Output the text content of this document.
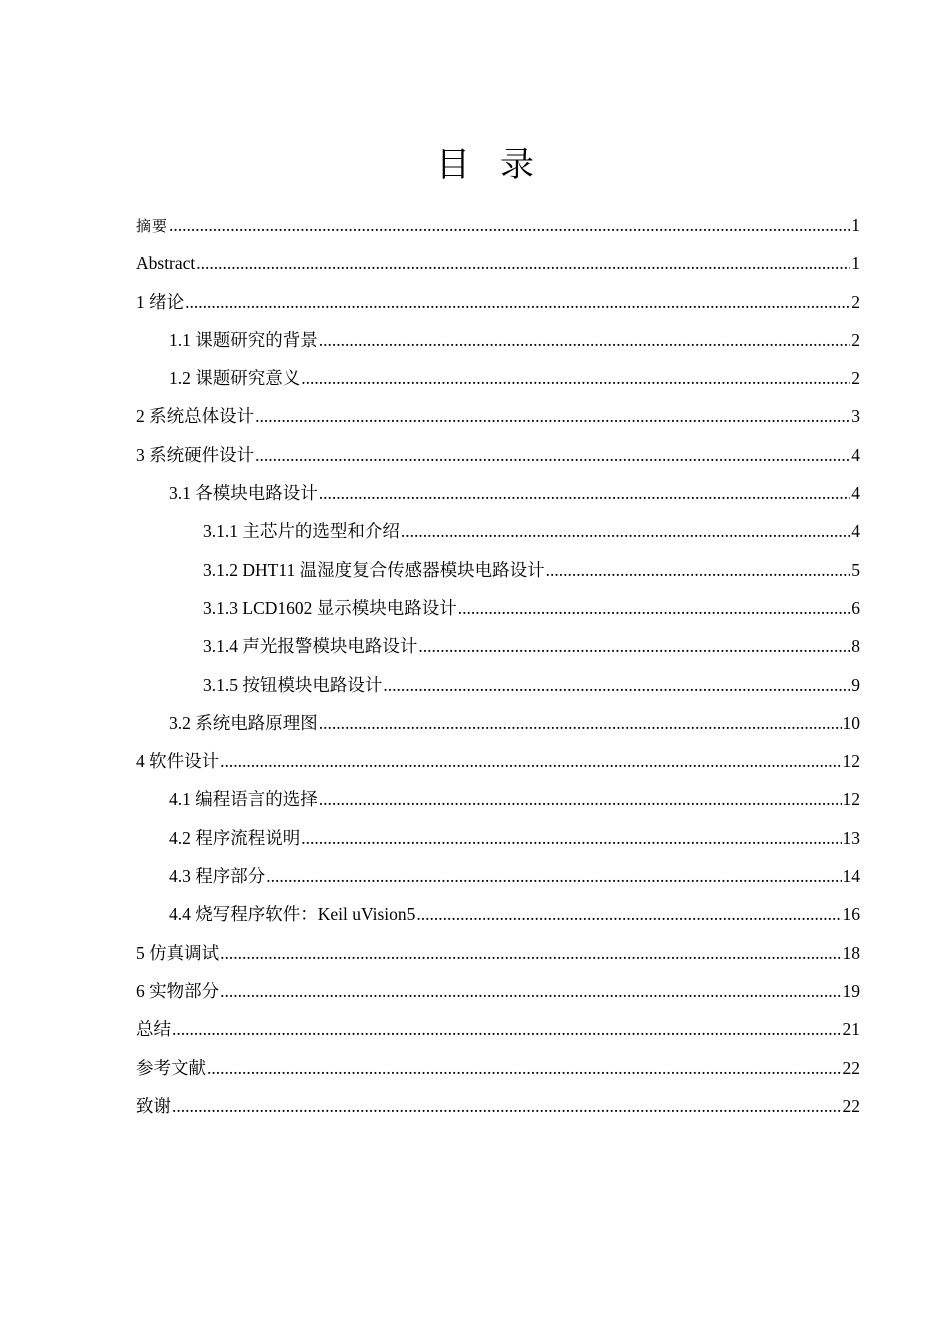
目录
摘要 .....	1
Abstract .....	1
1 绪论 .....	2
1.1 课题研究的背景 .....	2
1.2 课题研究意义 .....	2
2 系统总体设计 .....	3
3 系统硬件设计 .....	4
3.1 各模块电路设计 .....	4
3.1.1 主芯片的选型和介绍 .....	4
3.1.2 DHT11 温湿度复合传感器模块电路设计 .....	5
3.1.3 LCD1602 显示模块电路设计 .....	6
3.1.4 声光报警模块电路设计 .....	8
3.1.5 按钮模块电路设计 .....	9
3.2 系统电路原理图 .....	10
4 软件设计 .....	12
4.1 编程语言的选择 .....	12
4.2 程序流程说明 .....	13
4.3 程序部分 .....	14
4.4 烧写程序软件：Keil uVision5 .....	16
5 仿真调试 .....	18
6 实物部分 .....	19
总结 .....	21
参考文献 .....	22
致谢 .....	22
